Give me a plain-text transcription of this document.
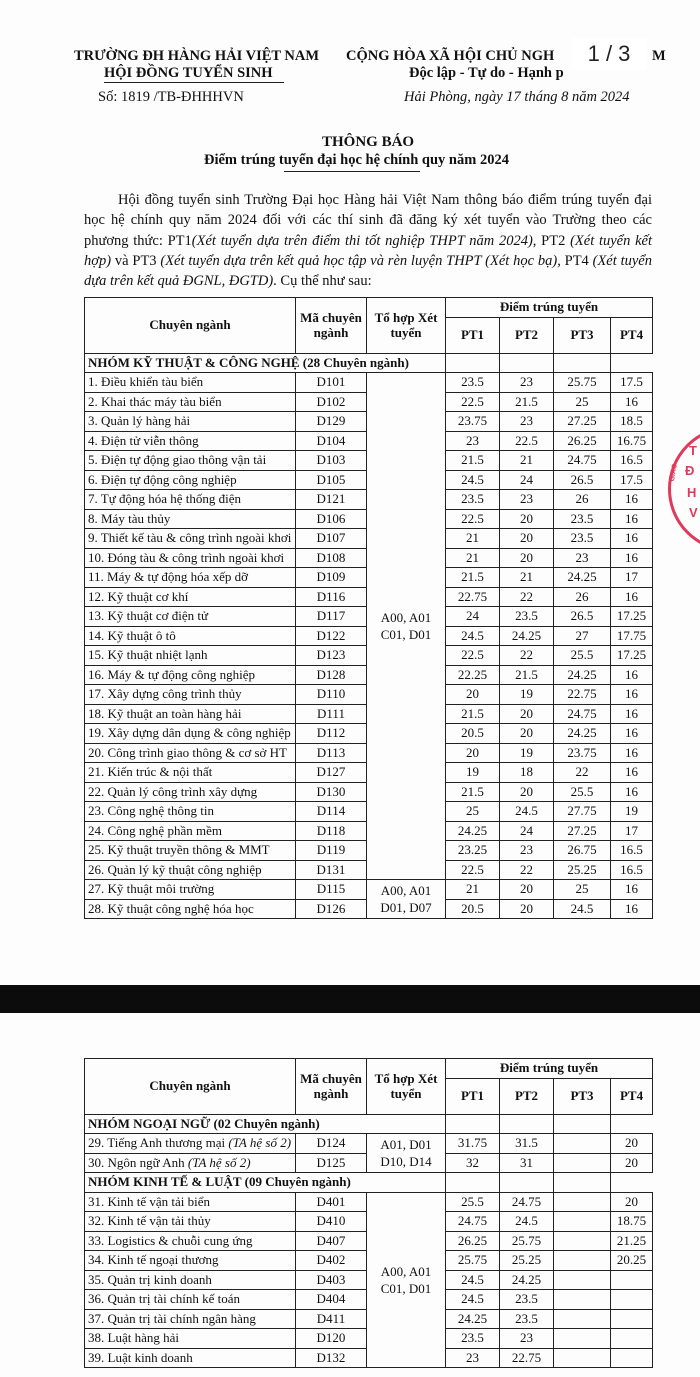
TRƯỜNG ĐH HÀNG HẢI VIỆT NAM
HỘI ĐỒNG TUYỂN SINH
Số: 1819 /TB-ĐHHHVN
CỘNG HÒA XÃ HỘI CHỦ NGH	M
Độc lập - Tự do - Hạnh p
Hải Phòng, ngày 17 tháng 8 năm 2024
1 / 3
THÔNG BÁO
Điểm trúng tuyển đại học hệ chính quy năm 2024
Hội đồng tuyển sinh Trường Đại học Hàng hải Việt Nam thông báo điểm trúng tuyển đại học hệ chính quy năm 2024 đối với các thí sinh đã đăng ký xét tuyển vào Trường theo các phương thức: PT1(Xét tuyển dựa trên điểm thi tốt nghiệp THPT năm 2024), PT2 (Xét tuyển kết hợp) và PT3 (Xét tuyển dựa trên kết quả học tập và rèn luyện THPT (Xét học bạ), PT4 (Xét tuyển dựa trên kết quả ĐGNL, ĐGTD). Cụ thể như sau:
Chuyên ngành	Mã chuyên ngành	Tổ hợp Xét tuyển	Điểm trúng tuyển			
			PT1	PT2	PT3	PT4
NHÓM KỸ THUẬT & CÔNG NGHỆ (28 Chuyên ngành)						
1. Điều khiển tàu biển	D101	A00, A01 C01, D01	23.5	23	25.75	17.5
2. Khai thác máy tàu biển	D102		22.5	21.5	25	16
3. Quản lý hàng hải	D129		23.75	23	27.25	18.5
4. Điện tử viễn thông	D104		23	22.5	26.25	16.75
5. Điện tự động giao thông vận tải	D103		21.5	21	24.75	16.5
6. Điện tự động công nghiệp	D105		24.5	24	26.5	17.5
7. Tự động hóa hệ thống điện	D121		23.5	23	26	16
8. Máy tàu thủy	D106		22.5	20	23.5	16
9. Thiết kế tàu & công trình ngoài khơi	D107		21	20	23.5	16
10. Đóng tàu & công trình ngoài khơi	D108		21	20	23	16
11. Máy & tự động hóa xếp dỡ	D109		21.5	21	24.25	17
12. Kỹ thuật cơ khí	D116		22.75	22	26	16
13. Kỹ thuật cơ điện tử	D117		24	23.5	26.5	17.25
14. Kỹ thuật ô tô	D122		24.5	24.25	27	17.75
15. Kỹ thuật nhiệt lạnh	D123		22.5	22	25.5	17.25
16. Máy & tự động công nghiệp	D128		22.25	21.5	24.25	16
17. Xây dựng công trình thủy	D110		20	19	22.75	16
18. Kỹ thuật an toàn hàng hải	D111		21.5	20	24.75	16
19. Xây dựng dân dụng & công nghiệp	D112		20.5	20	24.25	16
20. Công trình giao thông & cơ sở HT	D113		20	19	23.75	16
21. Kiến trúc & nội thất	D127		19	18	22	16
22. Quản lý công trình xây dựng	D130		21.5	20	25.5	16
23. Công nghệ thông tin	D114		25	24.5	27.75	19
24. Công nghệ phần mềm	D118		24.25	24	27.25	17
25. Kỹ thuật truyền thông & MMT	D119		23.25	23	26.75	16.5
26. Quản lý kỹ thuật công nghiệp	D131		22.5	22	25.25	16.5
27. Kỹ thuật môi trường	D115	A00, A01 D01, D07	21	20	25	16
28. Kỹ thuật công nghệ hóa học	D126		20.5	20	24.5	16
T
Đ
H
V
GIAO
Chuyên ngành	Mã chuyên ngành	Tổ hợp Xét tuyển	Điểm trúng tuyển			
			PT1	PT2	PT3	PT4
NHÓM NGOẠI NGỮ (02 Chuyên ngành)						
29. Tiếng Anh thương mại (TA hệ số 2)	D124	A01, D01 D10, D14	31.75	31.5		20
30. Ngôn ngữ Anh (TA hệ số 2)	D125		32	31		20
NHÓM KINH TẾ & LUẬT (09 Chuyên ngành)						
31. Kinh tế vận tải biển	D401	A00, A01 C01, D01	25.5	24.75		20
32. Kinh tế vận tải thủy	D410		24.75	24.5		18.75
33. Logistics & chuỗi cung ứng	D407		26.25	25.75		21.25
34. Kinh tế ngoại thương	D402		25.75	25.25		20.25
35. Quản trị kinh doanh	D403		24.5	24.25		
36. Quản trị tài chính kế toán	D404		24.5	23.5		
37. Quản trị tài chính ngân hàng	D411		24.25	23.5		
38. Luật hàng hải	D120		23.5	23		
39. Luật kinh doanh	D132		23	22.75		
